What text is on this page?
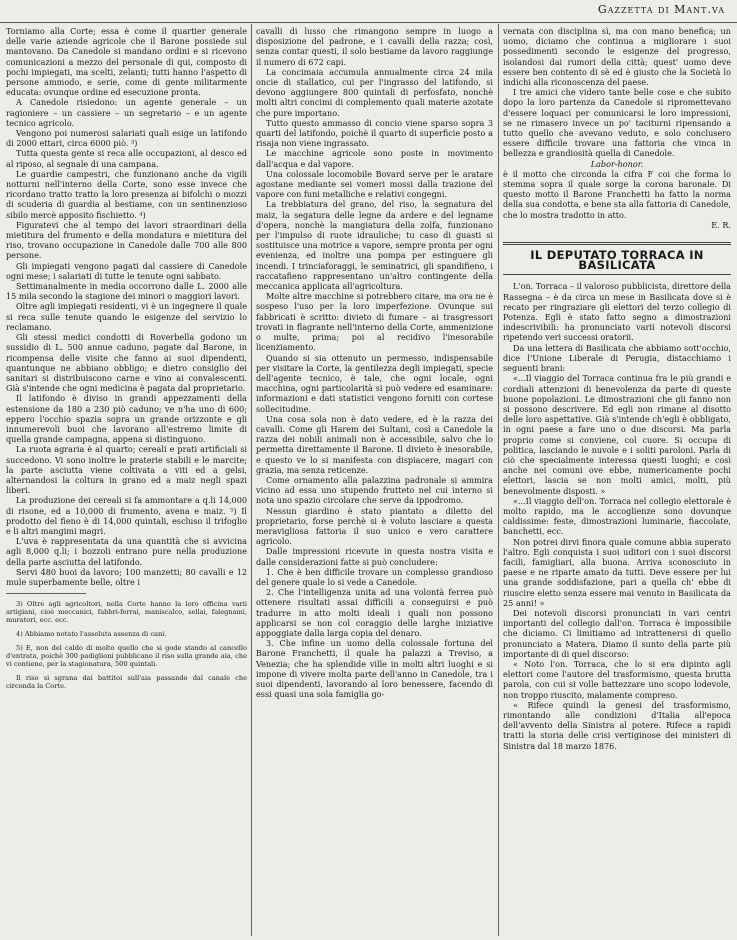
Gazzetta di Mant.va

Torniamo alla Corte; essa è come il quartier generale delle varie aziende agricole che il Barone possiede sul mantovano. Da Canedole si mandano ordini e si ricevono comunicazioni a mezzo del personale di qui, composto di pochi impiegati, ma scelti, zelanti; tutti hanno l'aspetto di persone ammodo, e serie, come di gente militarmente educata: ovunque ordine ed esecuzione pronta.

A Canedole risiedono: un agente generale – un ragioniere – un cassiere – un segretario – e un agente tecnico agricolo.

Vengono poi numerosi salariati quali esige un latifondo di 2000 ettari, circa 6000 piò. ³)

Tutta questa gente si reca alle occupazioni, al desco ed al riposo, al segnale di una campana.

Le guardie campestri, che funzionano anche da vigili notturni nell'interno della Corte, sono esse invece che ricordano tratto tratto la loro presenza ai bifolchi o mozzi di scuderia di guardia al bestiame, con un sentinenzioso sibilo mercè apposito fischietto. ⁴)

Figuratevi che al tempo dei lavori straordinari della mietitura del frumento e della mondatura e mietitura del riso, trovano occupazione in Canedole dalle 700 alle 800 persone.

Gli impiegati vengono pagati dal cassiere di Canedole ogni mese; i salariati di tutte le tenute ogni sabbato.

Settimanalmente in media occorrono dalle L. 2000 alle 15 mila secondo la stagione dei minori o maggiori lavori.

Oltre agli impiegati residenti, vi è un ingegnere il quale si reca sulle tenute quando le esigenze del servizio lo reclamano.

Gli stessi medici condotti di Roverbella godono un sussidio di L. 500 annue caduno, pagate dal Barone, in ricompensa delle visite che fanno ai suoi dipendenti, quantunque ne abbiano obbligo; e dietro consiglio dei sanitari si distribuiscono carne e vino ai convalescenti. Già s'intende che ogni medicina è pagata dal proprietario.

Il latifondo è diviso in grandi appezzamenti della estensione da 180 a 230 piò caduno; ve n'ha uno di 600; eppero l'occhio spazia sopra un grande orizzonte e gli innumerevoli buoi che lavorano all'estremo limite di quella grande campagna, appena si distinguono.

La ruota agraria è al quarto; cereali e prati artificiali si succedono. Vi sono inoltre le praterie stabili e le marcite; la parte asciutta viene coltivata a viti ed a gelsi, alternandosi la coltura in grano ed a maiz negli spazi liberi.

La produzione dei cereali si fa ammontare a q.li 14,000 di risone, ed a 10,000 di frumento, avena e maiz. ⁵) Il prodotto del fieno è di 14,000 quintali, escluso il trifoglio e li altri mangimi magri.

L'uva è rappresentata da una quantità che si avvicina agli 8,000 q.li; i bozzoli entrano pure nella produzione della parte asciutta del latifondo.

Servi 480 buoi da lavoro; 100 manzetti; 80 cavalli e 12 mule superbamente belle, oltre i

3) Oltre agli agricoltori, nella Corte hanno la loro officina varii artigiani, cioè meccanici, fabbri-ferrai, maniscalco, sellai, falegnami, muratori, ecc. ecc.

4) Abbiamo notato l'assoluta assenza di cani.

5) E, non del caldo di molto quello che si gode stando al cancello d'entrata, poichè 300 padiglioni pubblicano il riso sulla grande aia, che vi contiene, per la stagionatura, 500 quintali.

Il riso si sgrana dai battitoi sull'aia passando dal canale che circonda la Corte.

cavalli di lusso che rimangono sempre in luogo a disposizione del padrone, e i cavalli della razza; così, senza contar questi, il solo bestiame da lavoro raggiunge il numero di 672 capi.

La concimaia accumula annualmente circa 24 mila oncie di stallatico, cui per l'ingrasso del latifondo, si devono aggiungere 800 quintali di perfosfato, nonchè molti altri concimi di complemento quali materie azotate che pure importano.

Tutto questo ammasso di concio viene sparso sopra 3 quarti del latifondo, poichè il quarto di superficie posto a risaja non viene ingrassato.

Le macchine agricole sono poste in movimento dall'acqua e dal vapore.

Una colossale locomobile Bovard serve per le aratare agostane mediante sei vomeri mossi dalla trazione del vapore con funi metalliche e relativi congegni.

La trebbiatura del grano, del riso, la segnatura del maiz, la segatura delle legne da ardere e del legname d'opera, nonchè la mangiatura della zolfa, funzionano per l'impulso di ruote idrauliche; tu caso di guasti si sostituisce una motrice a vapore, sempre pronta per ogni evenienza, ed inoltre una pompa per estinguere gli incendi. I trinciaforaggi, le seminatrici, gli spandifieno, i raccatafieno rappresentano un'altro contingente della meccanica applicata all'agricoltura.

Molte altre macchine si potrebbero citare, ma ora ne è sospeso l'uso per la loro imperfezione. Ovunque sui fabbricati è scritto: divieto di fumare – ai trasgressori trovati in flagrante nell'interno della Corte, ammenizione o multe, prima; poi al recidivo l'inesorabile licenziamento.

Quando si sia ottenuto un permesso, indispensabile per visitare la Corte, la gentilezza degli impiegati, specie dell'agente tecnico, è tale, che ogni locale, ogni macchina, ogni particolarità si può vedere ed esaminare: informazioni e dati statistici vengono forniti con cortese sollecitudine.

Una cosa sola non è dato vedere, ed è la razza dei cavalli. Come gli Harem dei Sultani, così a Canedole la razza dei nobili animali non è accessibile, salvo che lo permetta direttamente il Barone. Il divieto è inesorabile, e questo ve lo si manifesta con dispiacere, magari con grazia, ma senza reticenze.

Come ornamento alla palazzina padronale si ammira vicino ad essa uno stupendo frutteto nel cui interno si nota uno spazio circolare che serve da ippodromo.

Nessun giardino è stato piantato a diletto del proprietario, forse perchè si è voluto lasciare a questa meravigliosa fattoria il suo unico e vero carattere agricolo.

Dalle impressioni ricevute in questa nostra visita e dalle considerazioni fatte si può concludere:

1. Che è ben difficile trovare un complesso grandioso del genere quale lo si vede a Canedole.

2. Che l'intelligenza unita ad una volontà ferrea può ottenere risultati assai difficili a conseguirsi e può tradurre in atto molti ideali i quali non possono applicarsi se non col coraggio delle larghe iniziative appoggiate dalla larga copia del denaro.

3. Che infine un uomo della colossale fortuna del Barone Franchetti, il quale ha palazzi a Treviso, a Venezia; che ha splendide ville in molti altri luoghi e si impone di vivere molta parte dell'anno in Canedole, tra i suoi dipendenti, lavorando al loro benessere, facendo di essi quasi una sola famiglia go-

vernata con disciplina sì, ma con mano benefica; un uomo, diciamo che continua a migliorare i suoi possedimenti secondo le esigenze del progresso, isolandosi dai rumori della città; quest' uomo deve essere ben contento di sè ed è giusto che la Società lo indichi alla riconoscenza del paese.

I tre amici che videro tante belle cose e che subito dopo la loro partenza da Canedole si ripromettevano d'essere loquaci per comunicarsi le loro impressioni, se ne rimasero invece un po' taciturni ripensando a tutto quello che avevano veduto, e solo conclusero essere difficile trovare una fattoria che vinca in bellezza e grandiosità quella di Canedole.

Labor-honor.

è il motto che circonda la cifra F coi che forma lo stemma sopra il quale sorge la corona baronale. Di questo motto il Barone Franchetti ha fatto la norma della sua condotta, e bene sta alla fattoria di Canedole, che lo mostra tradotto in atto.

E. R.

IL DEPUTATO TORRACA IN BASILICATA

L'on. Torraca – il valoroso pubblicista, direttore della Rassegna – è da circa un mese in Basilicata dove si è recato per ringraziare gli elettori del terzo collegio di Potenza. Egli è stato fatto segno a dimostrazioni indescrivibili: ha pronunciato varii notevoli discorsi ripetendo veri successi oratorii.

Da una lettera di Basilicata che abbiamo sott'occhio, dice l'Unione Liberale di Perugia, distacchiamo i seguenti brani:

«...Il viaggio del Torraca continua fra le più grandi e cordiali attenzioni di benevolenza da parte di queste buone popolazioni. Le dimostrazioni che gli fanno non si possono descrivere. Ed egli non rimane al disotto delle loro aspettative. Già s'intende ch'egli è obbligato, in ogni paese a fare uno o due discorsi. Ma parla proprio come si conviene, col cuore. Si occupa di politica, lasciando le nuvole e i soliti paroloni. Parla di ciò che specialmente interessa questi luoghi; e così anche nei comuni ove ebbe, numericamente pochi elettori, lascia se non molti amici, molti, più benevolmente disposti. »

«...Il viaggio dell'on. Torraca nel collegio elettorale è molto rapido, ma le accoglienze sono dovunque caldissime: feste, dimostrazioni luminarie, fiaccolate, banchetti, ecc.

Non potrei dirvi finora quale comune abbia superato l'altro. Egli conquista i suoi uditori con i suoi discorsi facili, famigliari, alla buona. Arriva sconosciuto in paese e ne riparte amato da tutti. Deve essere per lui una grande soddisfazione, pari a quella ch' ebbe di riuscire eletto senza essere mai venuto in Basilicata da 25 anni! »

Dei notevoli discorsi pronunciati in vari centri importanti del collegio dall'on. Torraca è impossibile che diciamo. Ci limitiamo ad intrattenersi di quello pronunciato a Matera. Diamo il sunto della parte più importante di di quel discorso:

« Noto l'on. Torraca, che lo si era dipinto agli elettori come l'autore del trasformismo, questa brutta parola, con cui si volle battezzare uno scopo lodevole, non troppo riuscito, malamente compreso.

« Rifece quindi la genesi del trasformismo, rimontando alle condizioni d'Italia all'epoca dell'avvento della Sinistra al potere. Rifece a rapidi tratti la storia delle crisi vertiginose dei ministeri di Sinistra dal 18 marzo 1876.
